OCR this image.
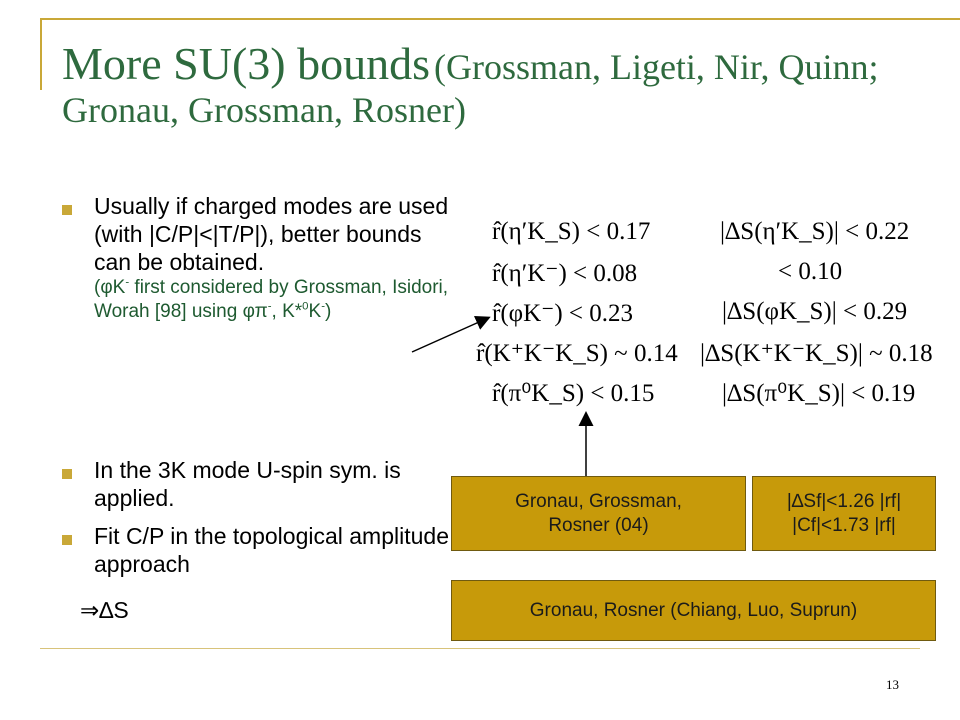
More SU(3) bounds (Grossman, Ligeti, Nir, Quinn; Gronau, Grossman, Rosner)
Usually if charged modes are used (with |C/P|<|T/P|), better bounds can be obtained.
(φK- first considered by Grossman, Isidori, Worah [98] using φπ-, K*$^0$K-)
In the 3K mode U-spin sym. is applied.
Fit C/P in the topological amplitude approach
⇒∆S
r̂(η′K_S) < 0.17	|∆S(η′K_S)| < 0.22
r̂(η′K⁻) < 0.08	< 0.10
r̂(φK⁻) < 0.23	|∆S(φK_S)| < 0.29
r̂(K⁺K⁻K_S) ~ 0.14 |∆S(K⁺K⁻K_S)| ~ 0.18
r̂(π⁰K_S) < 0.15	|∆S(π⁰K_S)| < 0.19
Gronau, Grossman,
Rosner (04)
|∆Sf|<1.26 |rf|
|Cf|<1.73 |rf|
Gronau, Rosner (Chiang, Luo, Suprun)
13
